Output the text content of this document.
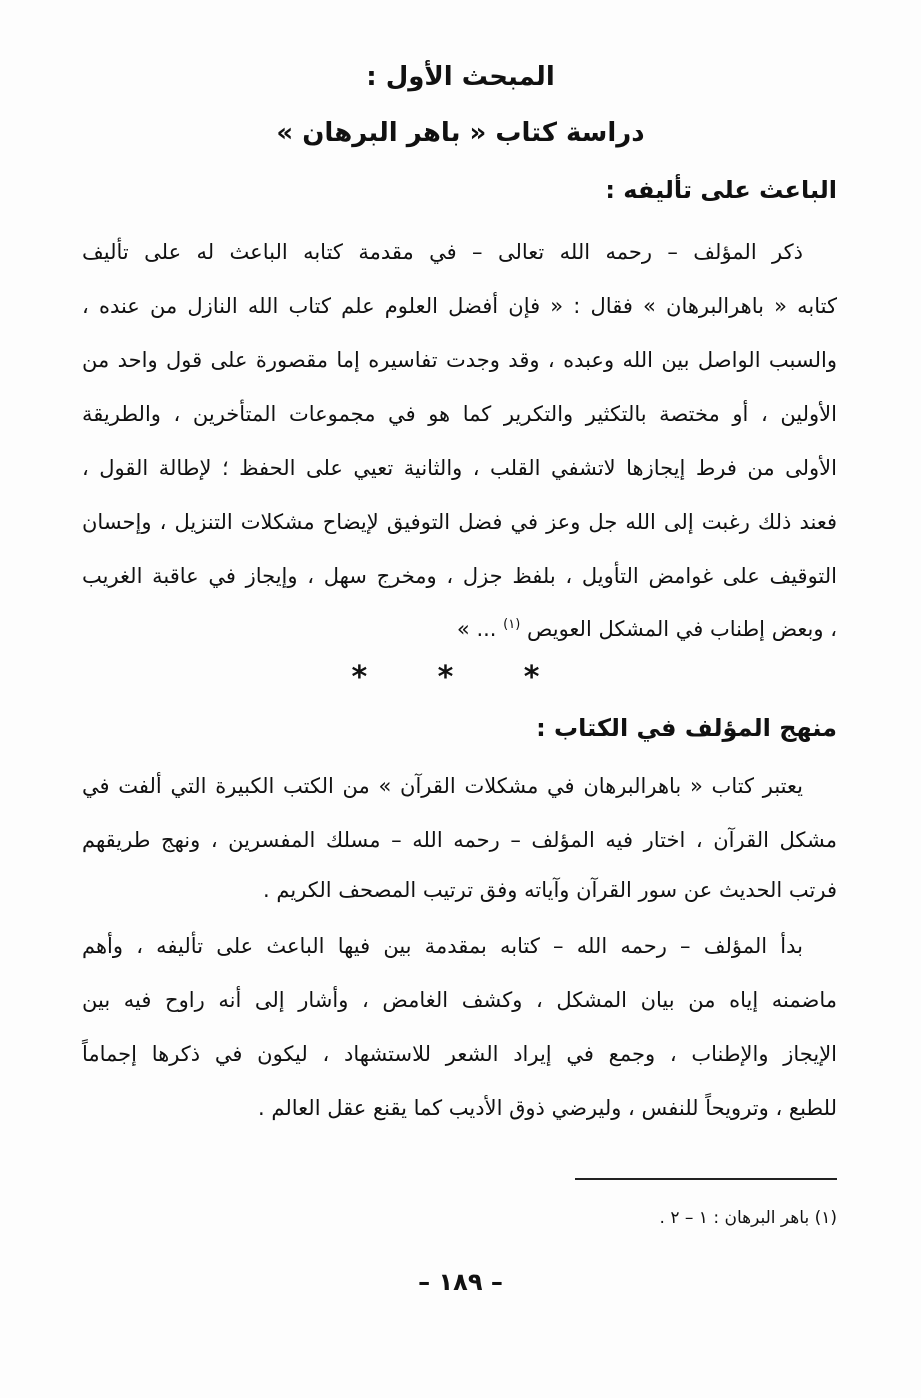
المبحث الأول :
دراسة كتاب « باهر البرهان »
الباعث على تأليفه :
ذكر المؤلف – رحمه الله تعالى – في مقدمة كتابه الباعث له على تأليف
كتابه « باهرالبرهان » فقال : « فإن أفضل العلوم علم كتاب الله النازل من عنده ،
والسبب الواصل بين الله وعبده ، وقد وجدت تفاسيره إما مقصورة على قول واحد من
الأولين ، أو مختصة بالتكثير والتكرير كما هو في مجموعات المتأخرين ، والطريقة
الأولى من فرط إيجازها لاتشفي القلب ، والثانية تعيي على الحفظ ؛ لإطالة القول ،
فعند ذلك رغبت إلى الله جل وعز في فضل التوفيق لإيضاح مشكلات التنزيل ، وإحسان
التوقيف على غوامض التأويل ، بلفظ جزل ، ومخرج سهل ، وإيجاز في عاقبة الغريب
، وبعض إطناب في المشكل العويص $^{(١)}$ ... »
* * *
منهج المؤلف في الكتاب :
يعتبر كتاب « باهرالبرهان في مشكلات القرآن » من الكتب الكبيرة التي ألفت في
مشكل القرآن ، اختار فيه المؤلف – رحمه الله – مسلك المفسرين ، ونهج طريقهم
فرتب الحديث عن سور القرآن وآياته وفق ترتيب المصحف الكريم .
بدأ المؤلف – رحمه الله – كتابه بمقدمة بين فيها الباعث على تأليفه ، وأهم
ماضمنه إياه من بيان المشكل ، وكشف الغامض ، وأشار إلى أنه راوح فيه بين
الإيجاز والإطناب ، وجمع في إيراد الشعر للاستشهاد ، ليكون في ذكرها إجماماً
للطبع ، وترويحاً للنفس ، وليرضي ذوق الأديب كما يقنع عقل العالم .
(١) باهر البرهان : ١ – ٢ .
– ١٨٩ –
